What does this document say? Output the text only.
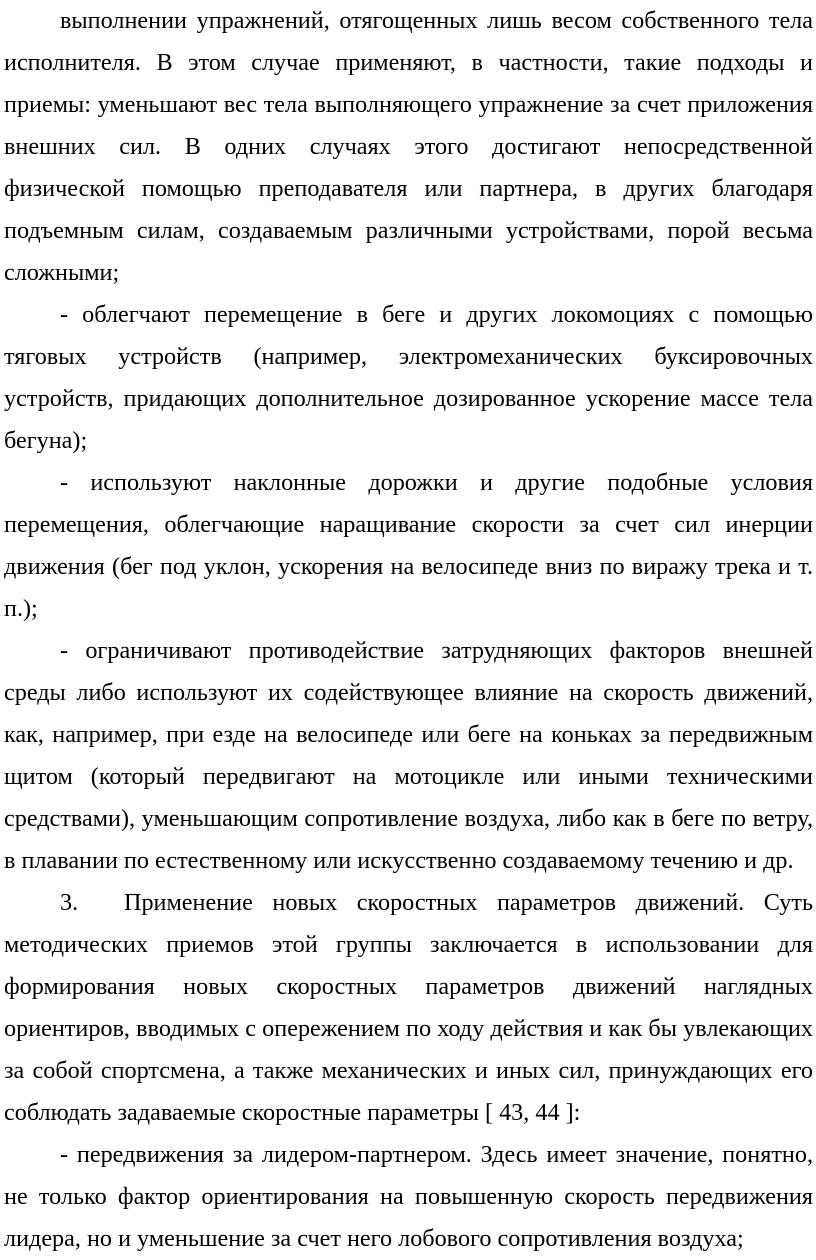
выполнении упражнений, отягощенных лишь весом собственного тела исполнителя. В этом случае применяют, в частности, такие подходы и приемы: уменьшают вес тела выполняющего упражнение за счет приложения внешних сил. В одних случаях этого достигают непосредственной физической помощью преподавателя или партнера, в других благодаря подъемным силам, создаваемым различными устройствами, порой весьма сложными;

- облегчают перемещение в беге и других локомоциях с помощью тяговых устройств (например, электромеханических буксировочных устройств, придающих дополнительное дозированное ускорение массе тела бегуна);

- используют наклонные дорожки и другие подобные условия перемещения, облегчающие наращивание скорости за счет сил инерции движения (бег под уклон, ускорения на велосипеде вниз по виражу трека и т. п.);

- ограничивают противодействие затрудняющих факторов внешней среды либо используют их содействующее влияние на скорость движений, как, например, при езде на велосипеде или беге на коньках за передвижным щитом (который передвигают на мотоцикле или иными техническими средствами), уменьшающим сопротивление воздуха, либо как в беге по ветру, в плавании по естественному или искусственно создаваемому течению и др.

3. Применение новых скоростных параметров движений. Суть методических приемов этой группы заключается в использовании для формирования новых скоростных параметров движений наглядных ориентиров, вводимых с опережением по ходу действия и как бы увлекающих за собой спортсмена, а также механических и иных сил, принуждающих его соблюдать задаваемые скоростные параметры [ 43, 44 ]:

- передвижения за лидером-партнером. Здесь имеет значение, понятно, не только фактор ориентирования на повышенную скорость передвижения лидера, но и уменьшение за счет него лобового сопротивления воздуха;
